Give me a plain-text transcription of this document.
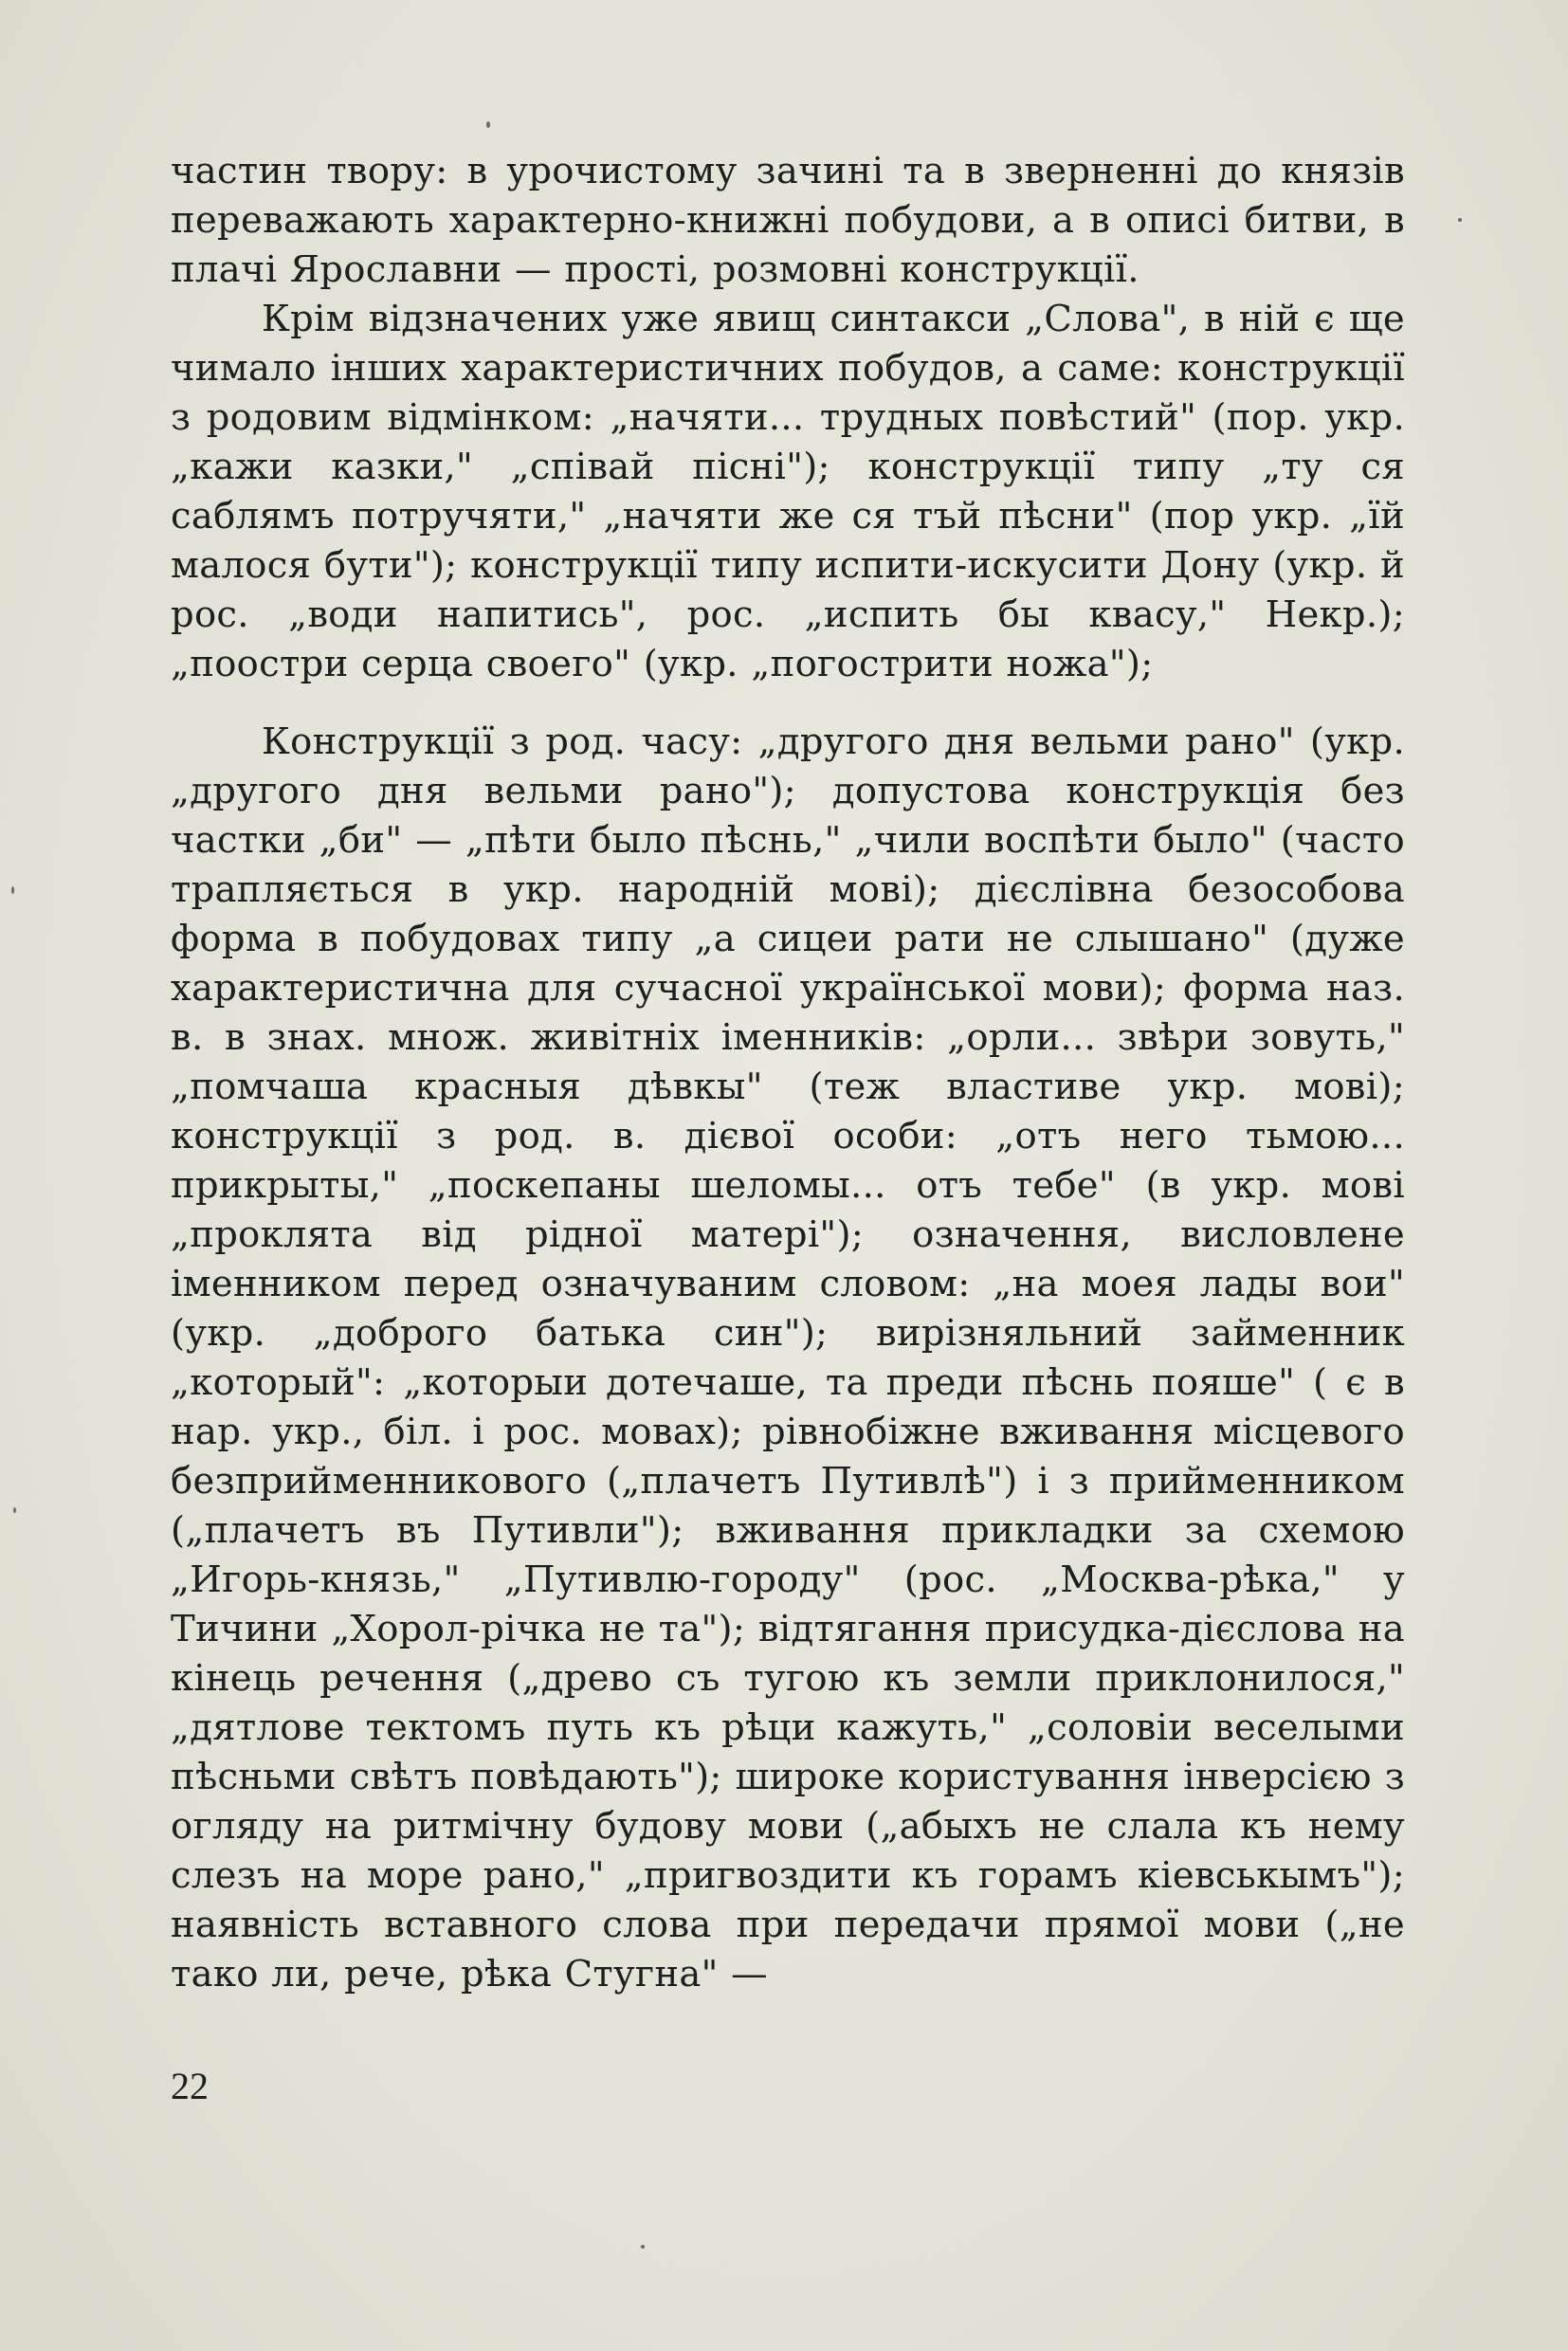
частин твору: в урочистому зачині та в зверненні до князів переважають характерно-книжні побудови, а в описі битви, в плачі Ярославни — прості, розмовні конструкції.

Крім відзначених уже явищ синтакси „Слова", в ній є ще чимало інших характеристичних побудов, а саме: конструкції з родовим відмінком: „начяти... трудных повѣстий" (пор. укр. „кажи казки," „співай пісні"); конструкції типу „ту ся саблямъ потручяти," „начяти же ся тъй пѣсни" (пор укр. „їй малося бути"); конструкції типу испити-искусити Дону (укр. й рос. „води напитись", рос. „испить бы квасу," Некр.); „поостри серца своего" (укр. „погострити ножа");

Конструкції з род. часу: „другого дня вельми рано" (укр. „другого дня вельми рано"); допустова конструкція без частки „би" — „пѣти было пѣснь," „чили воспѣти было" (часто трапляється в укр. народній мові); дієслівна безособова форма в побудовах типу „а сицеи рати не слышано" (дуже характеристична для сучасної української мови); форма наз. в. в знах. множ. живітніх іменників: „орли... звѣри зовуть," „помчаша красныя дѣвкы" (теж властиве укр. мові); конструкції з род. в. дієвої особи: „отъ него тьмою... прикрыты," „поскепаны шеломы... отъ тебе" (в укр. мові „проклята від рідної матері"); означення, висловлене іменником перед означуваним словом: „на моея лады вои" (укр. „доброго батька син"); вирізняльний займенник „который": „которыи дотечаше, та преди пѣснь пояше" ( є в нар. укр., біл. і рос. мовах); рівнобіжне вживання місцевого безприйменникового („плачетъ Путивлѣ") і з прийменником („плачетъ въ Путивли"); вживання прикладки за схемою „Игорь-князь," „Путивлю-городу" (рос. „Москва-рѣка," у Тичини „Хорол-річка не та"); відтягання присудка-дієслова на кінець речення („древо съ тугою къ земли приклонилося," „дятлове тектомъ путь къ рѣци кажуть," „соловіи веселыми пѣсньми свѣтъ повѣдають"); широке користування інверсією з огляду на ритмічну будову мови („абыхъ не слала къ нему слезъ на море рано," „пригвоздити къ горамъ кіевськымъ"); наявність вставного слова при передачи прямої мови („не тако ли, рече, рѣка Стугна" —

22
